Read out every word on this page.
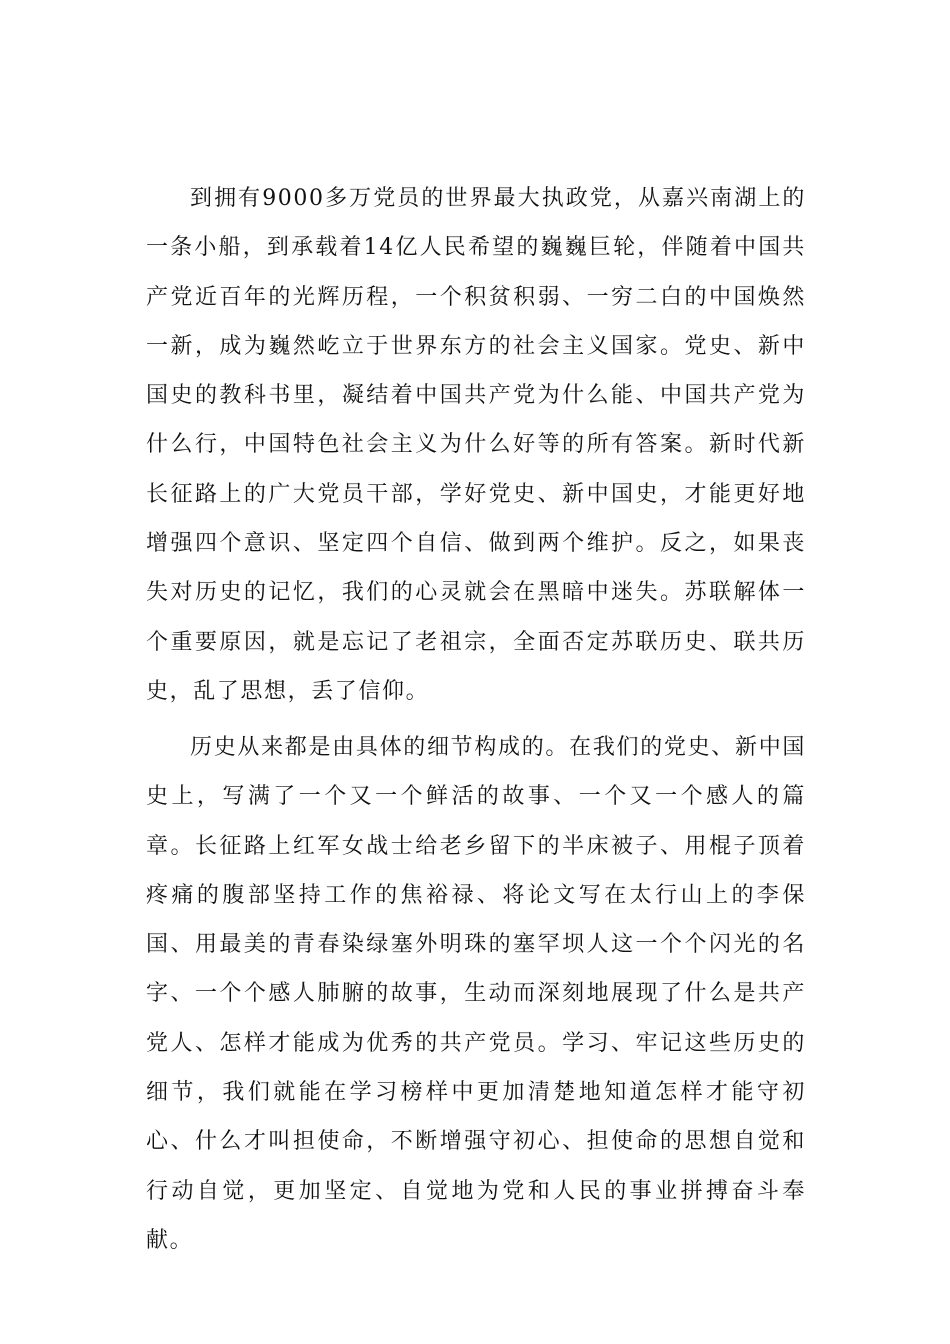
到拥有9000多万党员的世界最大执政党，从嘉兴南湖上的一条小船，到承载着14亿人民希望的巍巍巨轮，伴随着中国共产党近百年的光辉历程，一个积贫积弱、一穷二白的中国焕然一新，成为巍然屹立于世界东方的社会主义国家。党史、新中国史的教科书里，凝结着中国共产党为什么能、中国共产党为什么行，中国特色社会主义为什么好等的所有答案。新时代新长征路上的广大党员干部，学好党史、新中国史，才能更好地增强四个意识、坚定四个自信、做到两个维护。反之，如果丧失对历史的记忆，我们的心灵就会在黑暗中迷失。苏联解体一个重要原因，就是忘记了老祖宗，全面否定苏联历史、联共历史，乱了思想，丢了信仰。

历史从来都是由具体的细节构成的。在我们的党史、新中国史上，写满了一个又一个鲜活的故事、一个又一个感人的篇章。长征路上红军女战士给老乡留下的半床被子、用棍子顶着疼痛的腹部坚持工作的焦裕禄、将论文写在太行山上的李保国、用最美的青春染绿塞外明珠的塞罕坝人这一个个闪光的名字、一个个感人肺腑的故事，生动而深刻地展现了什么是共产党人、怎样才能成为优秀的共产党员。学习、牢记这些历史的细节，我们就能在学习榜样中更加清楚地知道怎样才能守初心、什么才叫担使命，不断增强守初心、担使命的思想自觉和行动自觉，更加坚定、自觉地为党和人民的事业拼搏奋斗奉献。
